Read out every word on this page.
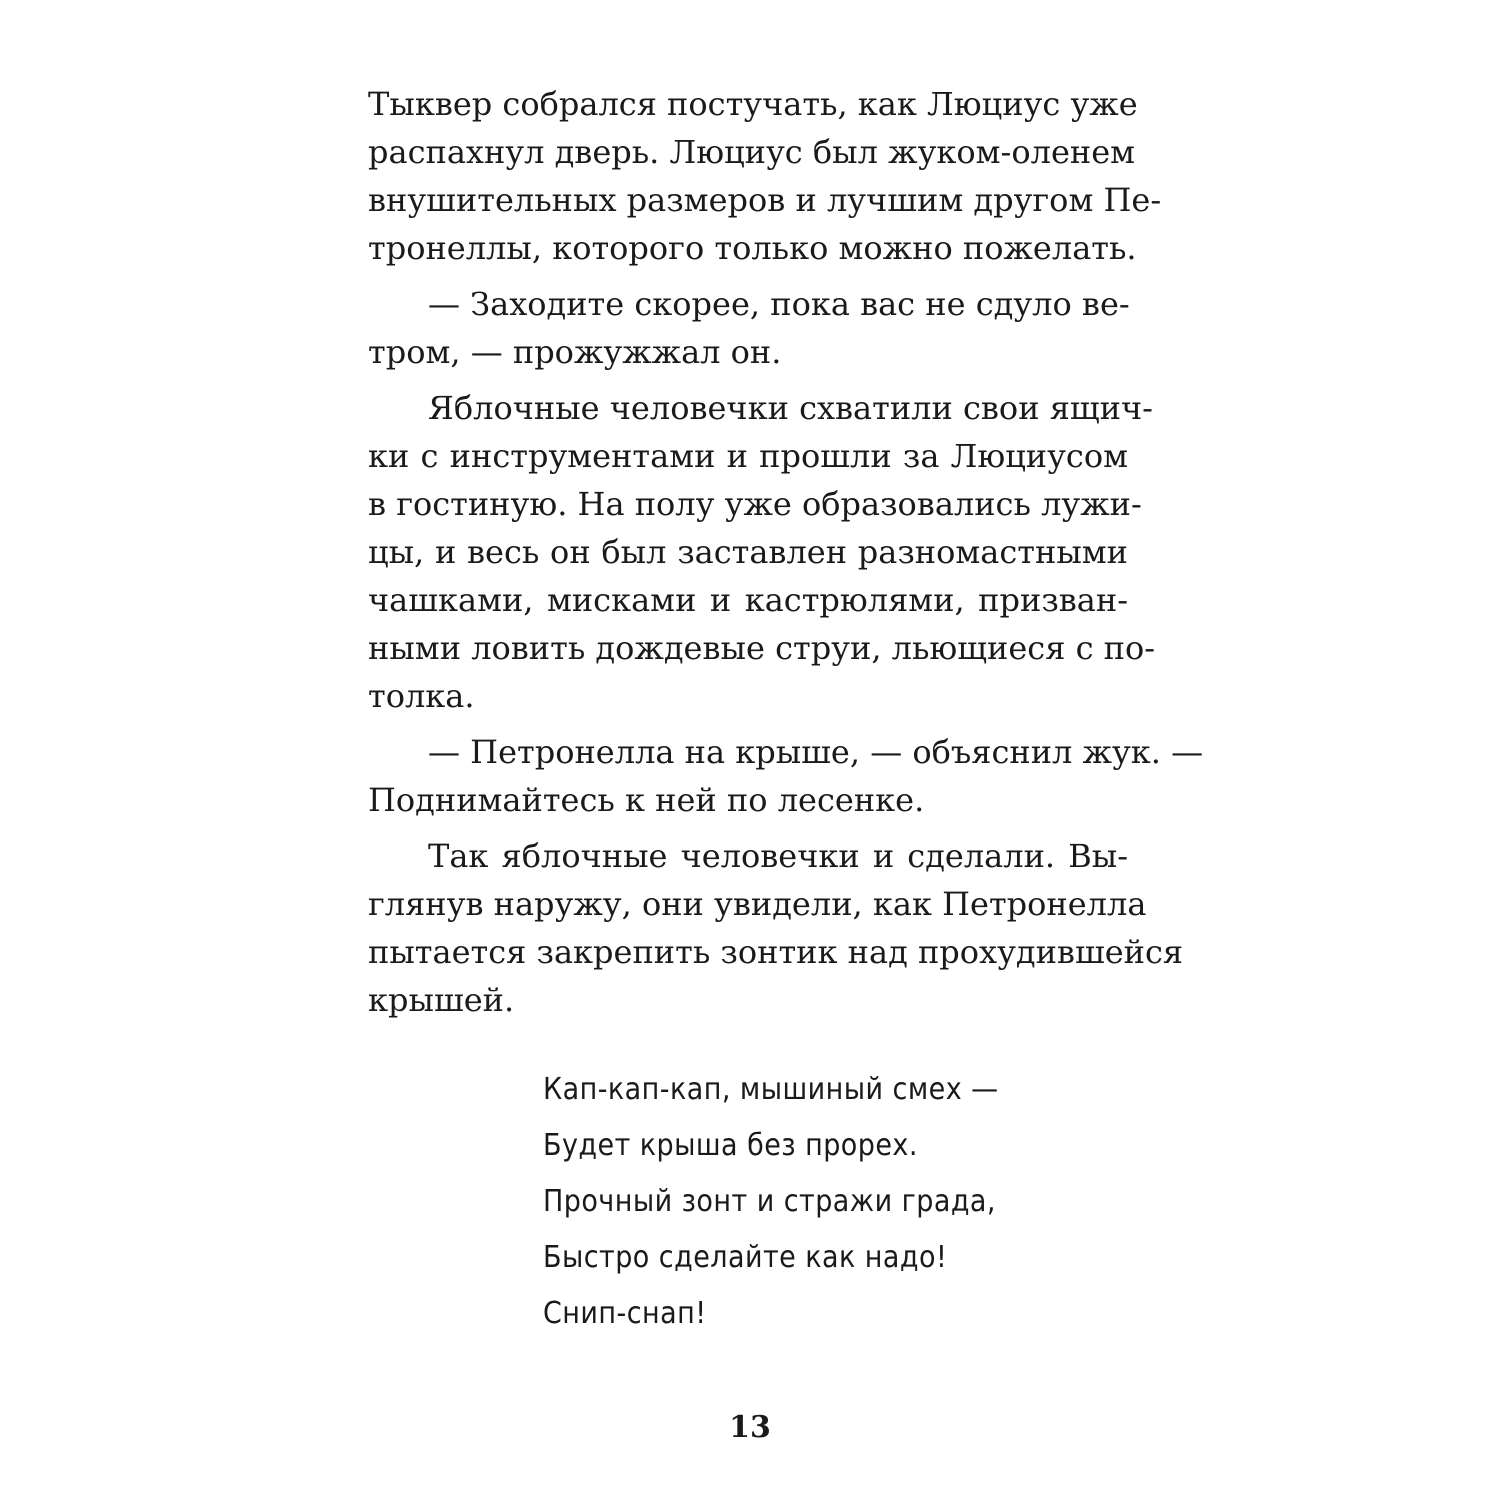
Тыквер собрался постучать, как Люциус уже
распахнул дверь. Люциус был жуком-оленем
внушительных размеров и лучшим другом Пе-
тронеллы, которого только можно пожелать.
— Заходите скорее, пока вас не сдуло ве-
тром, — прожужжал он.
Яблочные человечки схватили свои ящич-
ки с инструментами и прошли за Люциусом
в гостиную. На полу уже образовались лужи-
цы, и весь он был заставлен разномастными
чашками, мисками и кастрюлями, призван-
ными ловить дождевые струи, льющиеся с по-
толка.
— Петронелла на крыше, — объяснил жук. —
Поднимайтесь к ней по лесенке.
Так яблочные человечки и сделали. Вы-
глянув наружу, они увидели, как Петронелла
пытается закрепить зонтик над прохудившейся
крышей.
Кап-кап-кап, мышиный смех —
Будет крыша без прорех.
Прочный зонт и стражи града,
Быстро сделайте как надо!
Снип-снап!
13
